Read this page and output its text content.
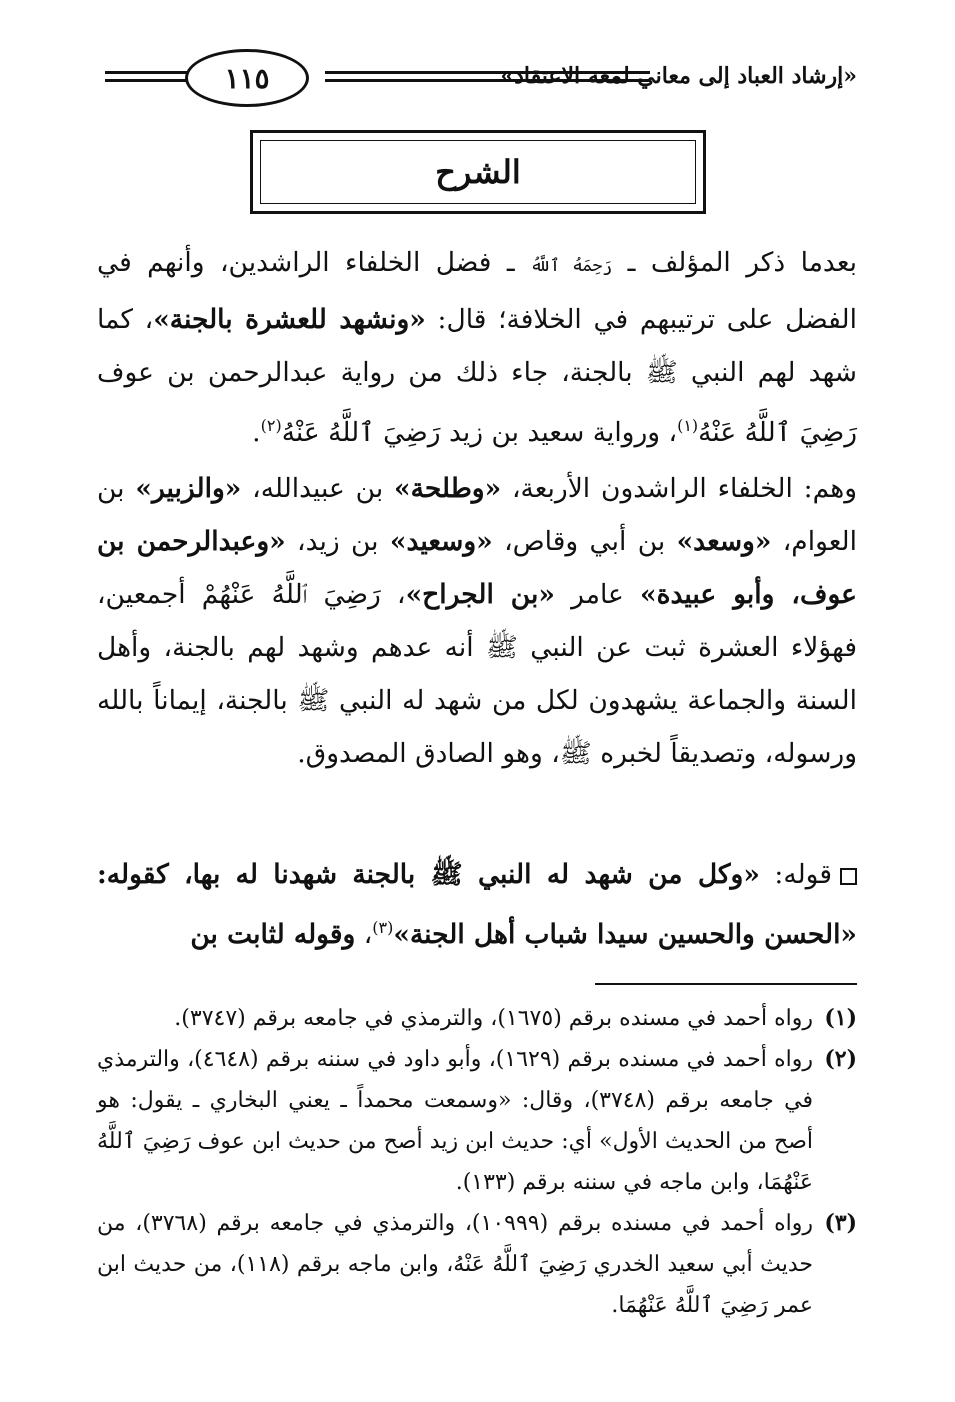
١١٥	«إرشاد العباد إلى معاني لمعة الاعتقاد»
الشرح
بعدما ذكر المؤلف ـ رَحِمَهُ ٱللَّهُ ـ فضل الخلفاء الراشدين، وأنهم في الفضل على ترتيبهم في الخلافة؛ قال: «ونشهد للعشرة بالجنة»، كما شهد لهم النبي ﷺ بالجنة، جاء ذلك من رواية عبدالرحمن بن عوف رَضِيَ ٱللَّهُ عَنْهُ$^{(١)}$، ورواية سعيد بن زيد رَضِيَ ٱللَّهُ عَنْهُ$^{(٢)}$.
وهم: الخلفاء الراشدون الأربعة، «وطلحة» بن عبيدالله، «والزبير» بن العوام، «وسعد» بن أبي وقاص، «وسعيد» بن زيد، «وعبدالرحمن بن عوف، وأبو عبيدة» عامر «بن الجراح»، رَضِيَ ٱللَّهُ عَنْهُمْ أجمعين، فهؤلاء العشرة ثبت عن النبي ﷺ أنه عدهم وشهد لهم بالجنة، وأهل السنة والجماعة يشهدون لكل من شهد له النبي ﷺ بالجنة، إيماناً بالله ورسوله، وتصديقاً لخبره ﷺ، وهو الصادق المصدوق.
قوله: «وكل من شهد له النبي ﷺ بالجنة شهدنا له بها، كقوله: «الحسن والحسين سيدا شباب أهل الجنة»$^{(٣)}$، وقوله لثابت بن
(١)
رواه أحمد في مسنده برقم (١٦٧٥)، والترمذي في جامعه برقم (٣٧٤٧).
(٢)
رواه أحمد في مسنده برقم (١٦٢٩)، وأبو داود في سننه برقم (٤٦٤٨)، والترمذي في جامعه برقم (٣٧٤٨)، وقال: «وسمعت محمداً ـ يعني البخاري ـ يقول: هو أصح من الحديث الأول» أي: حديث ابن زيد أصح من حديث ابن عوف رَضِيَ ٱللَّهُ عَنْهُمَا، وابن ماجه في سننه برقم (١٣٣).
(٣)
رواه أحمد في مسنده برقم (١٠٩٩٩)، والترمذي في جامعه برقم (٣٧٦٨)، من حديث أبي سعيد الخدري رَضِيَ ٱللَّهُ عَنْهُ، وابن ماجه برقم (١١٨)، من حديث ابن عمر رَضِيَ ٱللَّهُ عَنْهُمَا.
